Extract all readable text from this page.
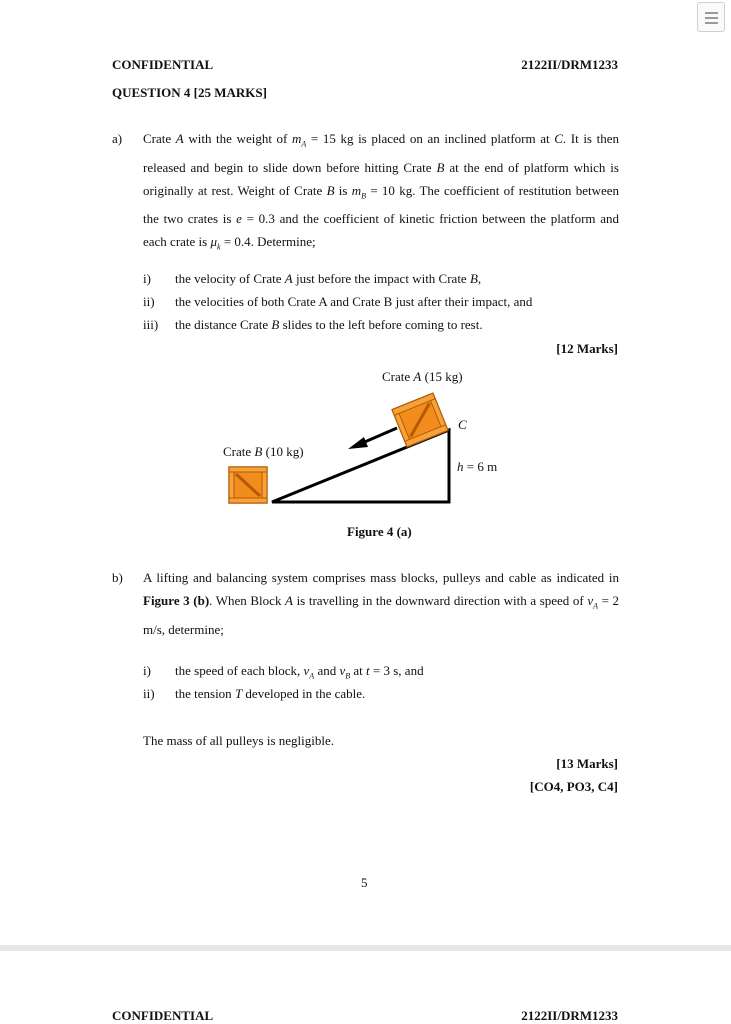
CONFIDENTIAL	2122II/DRM1233
QUESTION 4 [25 MARKS]
a) Crate A with the weight of $m_A = 15$ kg is placed on an inclined platform at C. It is then released and begin to slide down before hitting Crate B at the end of platform which is originally at rest. Weight of Crate B is $m_B = 10$ kg. The coefficient of restitution between the two crates is e = 0.3 and the coefficient of kinetic friction between the platform and each crate is $\mu_k = 0.4$. Determine;
i) the velocity of Crate A just before the impact with Crate B,
ii) the velocities of both Crate A and Crate B just after their impact, and
iii) the distance Crate B slides to the left before coming to rest.
[12 Marks]
Crate A (15 kg)
C
Crate B (10 kg)
h = 6 m
Figure 4 (a)
b) A lifting and balancing system comprises mass blocks, pulleys and cable as indicated in Figure 3 (b). When Block A is travelling in the downward direction with a speed of $v_A = 2$ m/s, determine;
i) the speed of each block, $v_A$ and $v_B$ at t = 3 s, and
ii) the tension T developed in the cable.
The mass of all pulleys is negligible.
[13 Marks]
[CO4, PO3, C4]
5
CONFIDENTIAL	2122II/DRM1233
